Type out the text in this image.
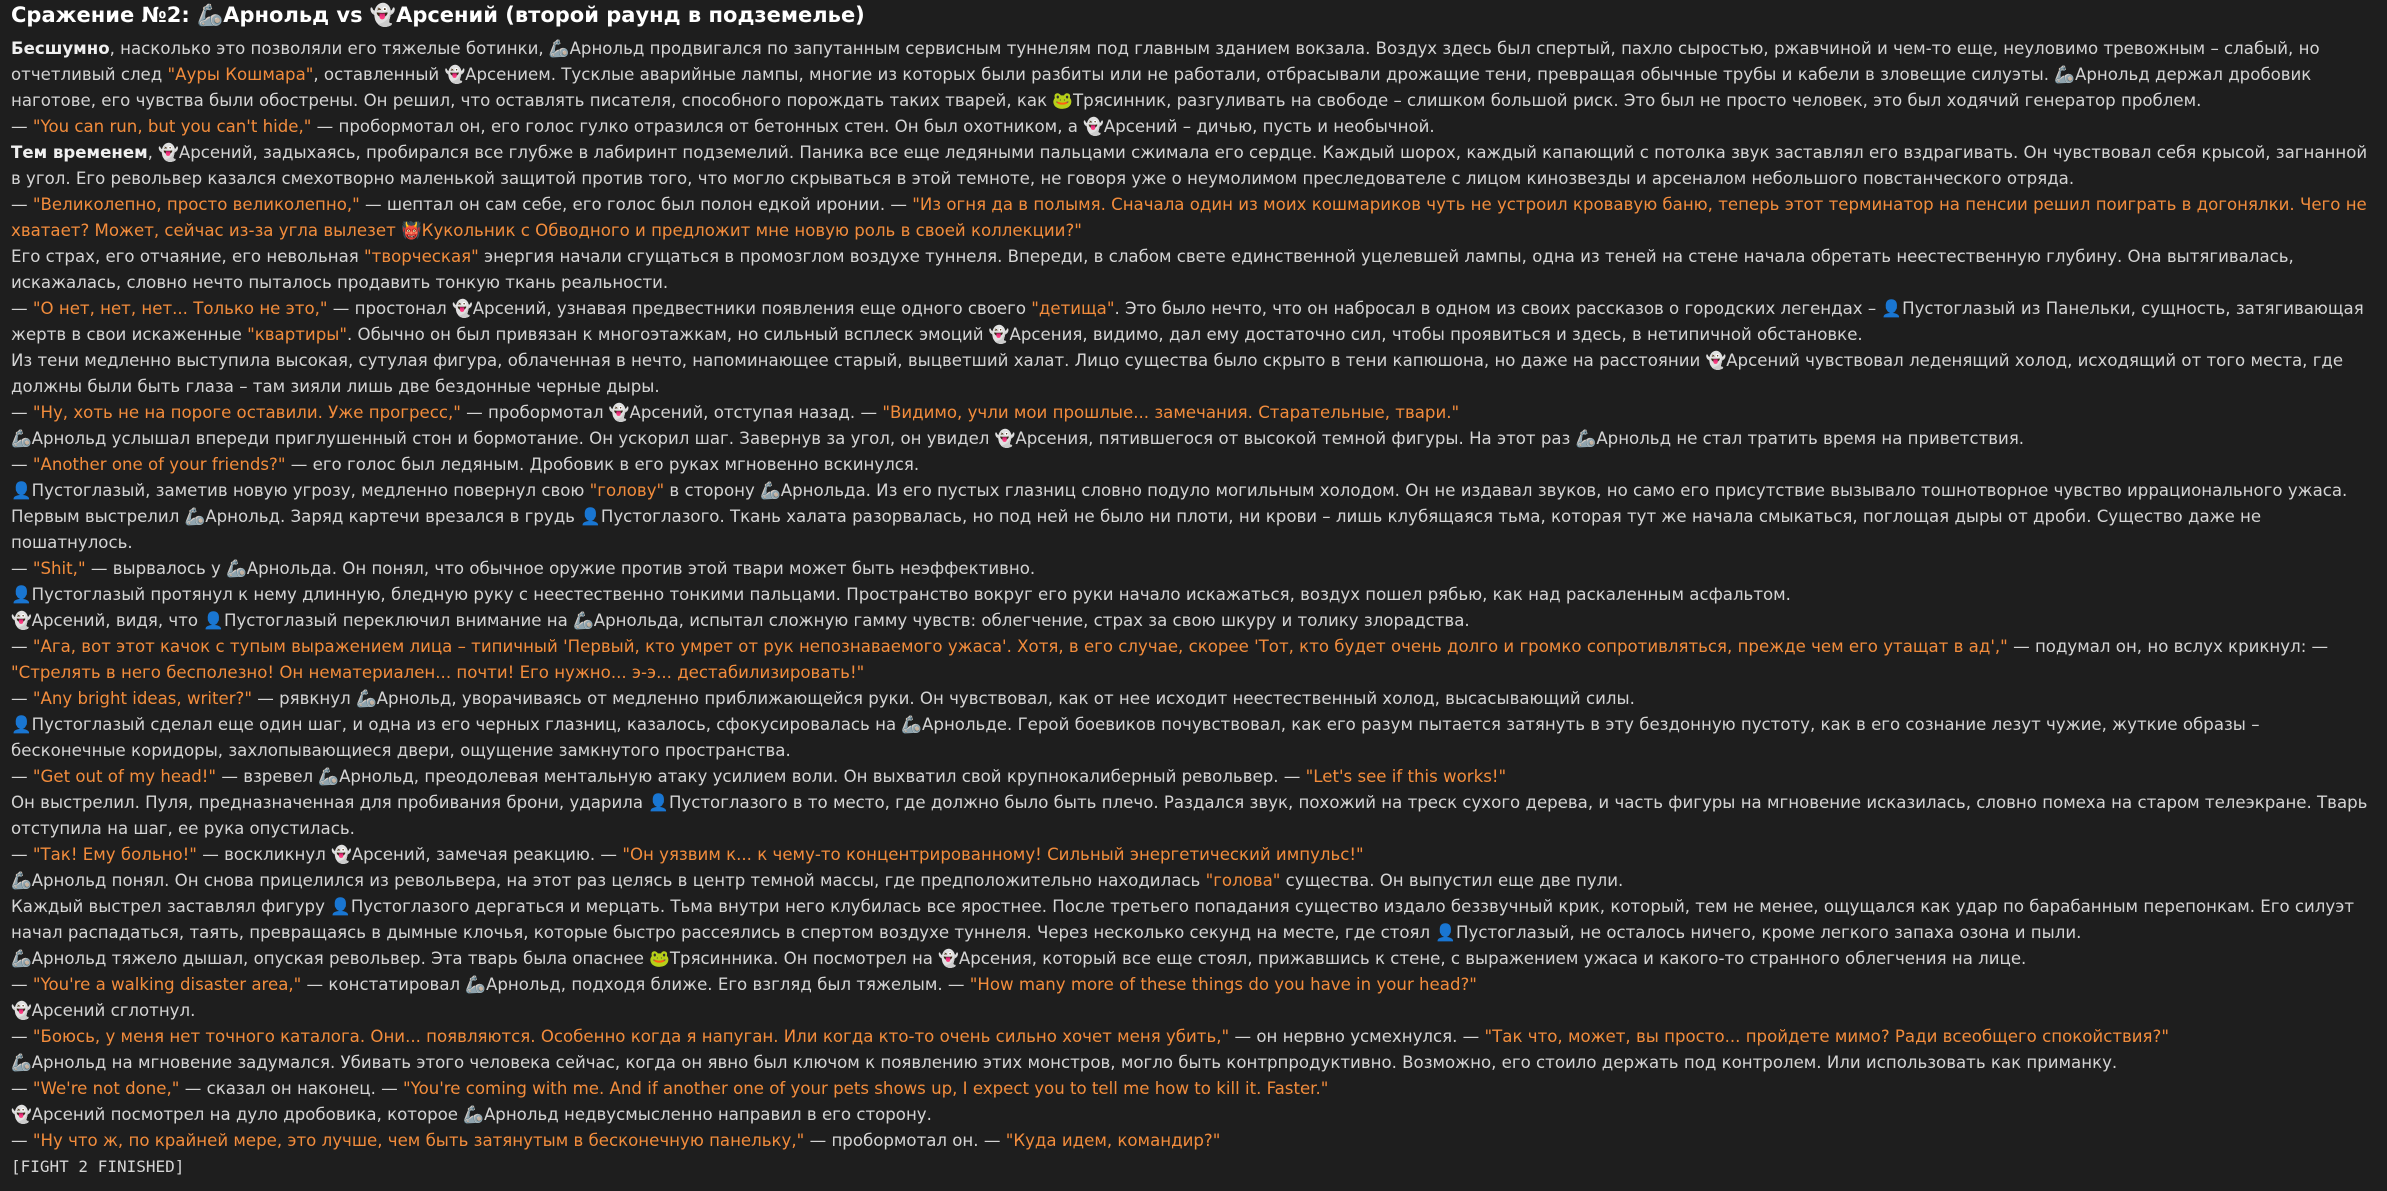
Сражение №2: 🦾Арнольд vs 👻Арсений (второй раунд в подземелье)
Бесшумно, насколько это позволяли его тяжелые ботинки, 🦾Арнольд продвигался по запутанным сервисным туннелям под главным зданием вокзала. Воздух здесь был спертый, пахло сыростью, ржавчиной и чем-то еще, неуловимо тревожным – слабый, но отчетливый след "Ауры Кошмара", оставленный 👻Арсением. Тусклые аварийные лампы, многие из которых были разбиты или не работали, отбрасывали дрожащие тени, превращая обычные трубы и кабели в зловещие силуэты. 🦾Арнольд держал дробовик наготове, его чувства были обострены. Он решил, что оставлять писателя, способного порождать таких тварей, как 🐸Трясинник, разгуливать на свободе – слишком большой риск. Это был не просто человек, это был ходячий генератор проблем.
— "You can run, but you can't hide," — пробормотал он, его голос гулко отразился от бетонных стен. Он был охотником, а 👻Арсений – дичью, пусть и необычной.
Тем временем, 👻Арсений, задыхаясь, пробирался все глубже в лабиринт подземелий. Паника все еще ледяными пальцами сжимала его сердце. Каждый шорох, каждый капающий с потолка звук заставлял его вздрагивать. Он чувствовал себя крысой, загнанной в угол. Его револьвер казался смехотворно маленькой защитой против того, что могло скрываться в этой темноте, не говоря уже о неумолимом преследователе с лицом кинозвезды и арсеналом небольшого повстанческого отряда.
— "Великолепно, просто великолепно," — шептал он сам себе, его голос был полон едкой иронии. — "Из огня да в полымя. Сначала один из моих кошмариков чуть не устроил кровавую баню, теперь этот терминатор на пенсии решил поиграть в догонялки. Чего не хватает? Может, сейчас из-за угла вылезет 👹Кукольник с Обводного и предложит мне новую роль в своей коллекции?"
Его страх, его отчаяние, его невольная "творческая" энергия начали сгущаться в промозглом воздухе туннеля. Впереди, в слабом свете единственной уцелевшей лампы, одна из теней на стене начала обретать неестественную глубину. Она вытягивалась, искажалась, словно нечто пыталось продавить тонкую ткань реальности.
— "О нет, нет, нет... Только не это," — простонал 👻Арсений, узнавая предвестники появления еще одного своего "детища". Это было нечто, что он набросал в одном из своих рассказов о городских легендах – 👤Пустоглазый из Панельки, сущность, затягивающая жертв в свои искаженные "квартиры". Обычно он был привязан к многоэтажкам, но сильный всплеск эмоций 👻Арсения, видимо, дал ему достаточно сил, чтобы проявиться и здесь, в нетипичной обстановке.
Из тени медленно выступила высокая, сутулая фигура, облаченная в нечто, напоминающее старый, выцветший халат. Лицо существа было скрыто в тени капюшона, но даже на расстоянии 👻Арсений чувствовал леденящий холод, исходящий от того места, где должны были быть глаза – там зияли лишь две бездонные черные дыры.
— "Ну, хоть не на пороге оставили. Уже прогресс," — пробормотал 👻Арсений, отступая назад. — "Видимо, учли мои прошлые... замечания. Старательные, твари."
🦾Арнольд услышал впереди приглушенный стон и бормотание. Он ускорил шаг. Завернув за угол, он увидел 👻Арсения, пятившегося от высокой темной фигуры. На этот раз 🦾Арнольд не стал тратить время на приветствия.
— "Another one of your friends?" — его голос был ледяным. Дробовик в его руках мгновенно вскинулся.
👤Пустоглазый, заметив новую угрозу, медленно повернул свою "голову" в сторону 🦾Арнольда. Из его пустых глазниц словно подуло могильным холодом. Он не издавал звуков, но само его присутствие вызывало тошнотворное чувство иррационального ужаса.
Первым выстрелил 🦾Арнольд. Заряд картечи врезался в грудь 👤Пустоглазого. Ткань халата разорвалась, но под ней не было ни плоти, ни крови – лишь клубящаяся тьма, которая тут же начала смыкаться, поглощая дыры от дроби. Существо даже не пошатнулось.
— "Shit," — вырвалось у 🦾Арнольда. Он понял, что обычное оружие против этой твари может быть неэффективно.
👤Пустоглазый протянул к нему длинную, бледную руку с неестественно тонкими пальцами. Пространство вокруг его руки начало искажаться, воздух пошел рябью, как над раскаленным асфальтом.
👻Арсений, видя, что 👤Пустоглазый переключил внимание на 🦾Арнольда, испытал сложную гамму чувств: облегчение, страх за свою шкуру и толику злорадства.
— "Ага, вот этот качок с тупым выражением лица – типичный 'Первый, кто умрет от рук непознаваемого ужаса'. Хотя, в его случае, скорее 'Тот, кто будет очень долго и громко сопротивляться, прежде чем его утащат в ад'," — подумал он, но вслух крикнул: — "Стрелять в него бесполезно! Он нематериален... почти! Его нужно... э-э... дестабилизировать!"
— "Any bright ideas, writer?" — рявкнул 🦾Арнольд, уворачиваясь от медленно приближающейся руки. Он чувствовал, как от нее исходит неестественный холод, высасывающий силы.
👤Пустоглазый сделал еще один шаг, и одна из его черных глазниц, казалось, сфокусировалась на 🦾Арнольде. Герой боевиков почувствовал, как его разум пытается затянуть в эту бездонную пустоту, как в его сознание лезут чужие, жуткие образы – бесконечные коридоры, захлопывающиеся двери, ощущение замкнутого пространства.
— "Get out of my head!" — взревел 🦾Арнольд, преодолевая ментальную атаку усилием воли. Он выхватил свой крупнокалиберный револьвер. — "Let's see if this works!"
Он выстрелил. Пуля, предназначенная для пробивания брони, ударила 👤Пустоглазого в то место, где должно было быть плечо. Раздался звук, похожий на треск сухого дерева, и часть фигуры на мгновение исказилась, словно помеха на старом телеэкране. Тварь отступила на шаг, ее рука опустилась.
— "Так! Ему больно!" — воскликнул 👻Арсений, замечая реакцию. — "Он уязвим к... к чему-то концентрированному! Сильный энергетический импульс!"
🦾Арнольд понял. Он снова прицелился из револьвера, на этот раз целясь в центр темной массы, где предположительно находилась "голова" существа. Он выпустил еще две пули.
Каждый выстрел заставлял фигуру 👤Пустоглазого дергаться и мерцать. Тьма внутри него клубилась все яростнее. После третьего попадания существо издало беззвучный крик, который, тем не менее, ощущался как удар по барабанным перепонкам. Его силуэт начал распадаться, таять, превращаясь в дымные клочья, которые быстро рассеялись в спертом воздухе туннеля. Через несколько секунд на месте, где стоял 👤Пустоглазый, не осталось ничего, кроме легкого запаха озона и пыли.
🦾Арнольд тяжело дышал, опуская револьвер. Эта тварь была опаснее 🐸Трясинника. Он посмотрел на 👻Арсения, который все еще стоял, прижавшись к стене, с выражением ужаса и какого-то странного облегчения на лице.
— "You're a walking disaster area," — констатировал 🦾Арнольд, подходя ближе. Его взгляд был тяжелым. — "How many more of these things do you have in your head?"
👻Арсений сглотнул.
— "Боюсь, у меня нет точного каталога. Они... появляются. Особенно когда я напуган. Или когда кто-то очень сильно хочет меня убить," — он нервно усмехнулся. — "Так что, может, вы просто... пройдете мимо? Ради всеобщего спокойствия?"
🦾Арнольд на мгновение задумался. Убивать этого человека сейчас, когда он явно был ключом к появлению этих монстров, могло быть контрпродуктивно. Возможно, его стоило держать под контролем. Или использовать как приманку.
— "We're not done," — сказал он наконец. — "You're coming with me. And if another one of your pets shows up, I expect you to tell me how to kill it. Faster."
👻Арсений посмотрел на дуло дробовика, которое 🦾Арнольд недвусмысленно направил в его сторону.
— "Ну что ж, по крайней мере, это лучше, чем быть затянутым в бесконечную панельку," — пробормотал он. — "Куда идем, командир?"
[FIGHT 2 FINISHED]
